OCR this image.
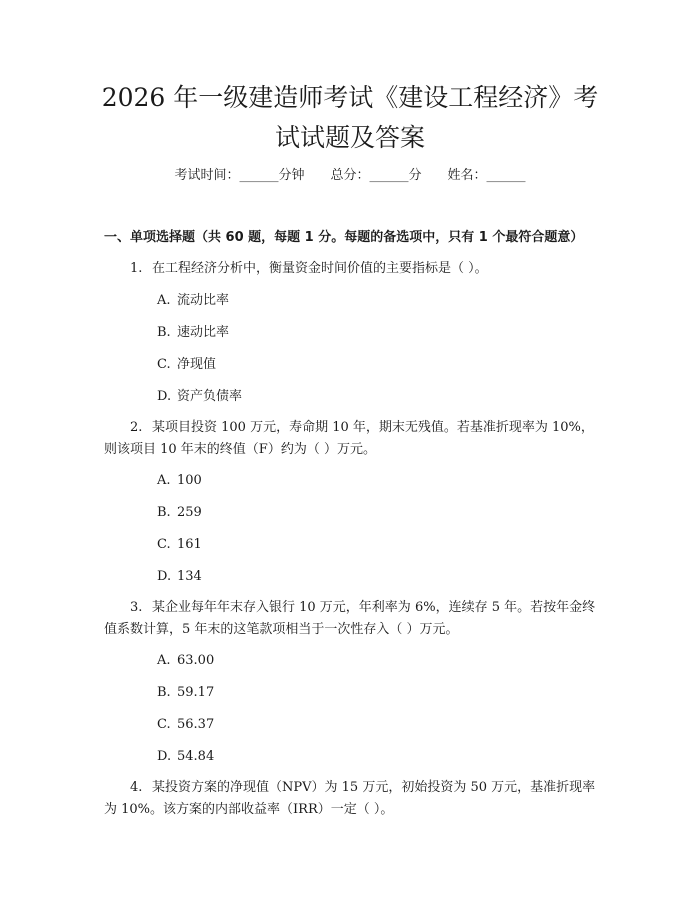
2026 年一级建造师考试《建设工程经济》考试试题及答案
考试时间：______分钟 总分：______分 姓名：______
一、单项选择题（共 60 题，每题 1 分。每题的备选项中，只有 1 个最符合题意）
1. 在工程经济分析中，衡量资金时间价值的主要指标是（ ）。
A. 流动比率
B. 速动比率
C. 净现值
D. 资产负债率
2. 某项目投资 100 万元，寿命期 10 年，期末无残值。若基准折现率为 10%，则该项目 10 年末的终值（F）约为（ ）万元。
A. 100
B. 259
C. 161
D. 134
3. 某企业每年年末存入银行 10 万元，年利率为 6%，连续存 5 年。若按年金终值系数计算，5 年末的这笔款项相当于一次性存入（ ）万元。
A. 63.00
B. 59.17
C. 56.37
D. 54.84
4. 某投资方案的净现值（NPV）为 15 万元，初始投资为 50 万元，基准折现率为 10%。该方案的内部收益率（IRR）一定（ ）。
